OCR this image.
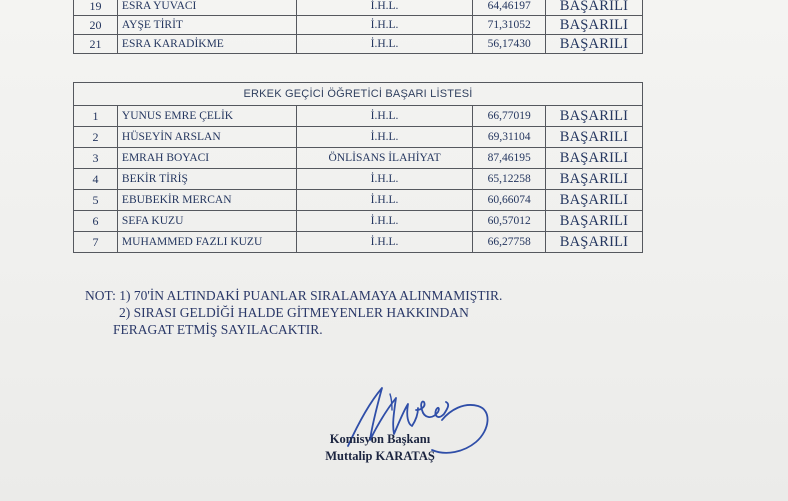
19	ESRA YUVACI	İ.H.L.	64,46197	BAŞARILI
20	AYŞE TİRİT	İ.H.L.	71,31052	BAŞARILI
21	ESRA KARADİKME	İ.H.L.	56,17430	BAŞARILI
ERKEK GEÇİCİ ÖĞRETİCİ BAŞARI LİSTESİ				
1	YUNUS EMRE ÇELİK	İ.H.L.	66,77019	BAŞARILI
2	HÜSEYİN ARSLAN	İ.H.L.	69,31104	BAŞARILI
3	EMRAH BOYACI	ÖNLİSANS İLAHİYAT	87,46195	BAŞARILI
4	BEKİR TİRİŞ	İ.H.L.	65,12258	BAŞARILI
5	EBUBEKİR MERCAN	İ.H.L.	60,66074	BAŞARILI
6	SEFA KUZU	İ.H.L.	60,57012	BAŞARILI
7	MUHAMMED FAZLI KUZU	İ.H.L.	66,27758	BAŞARILI
NOT: 1) 70'İN ALTINDAKİ PUANLAR SIRALAMAYA ALINMAMIŞTIR.
2) SIRASI GELDİĞİ HALDE GİTMEYENLER HAKKINDAN
FERAGAT ETMİŞ SAYILACAKTIR.
Komisyon Başkanı
Muttalip KARATAŞ
